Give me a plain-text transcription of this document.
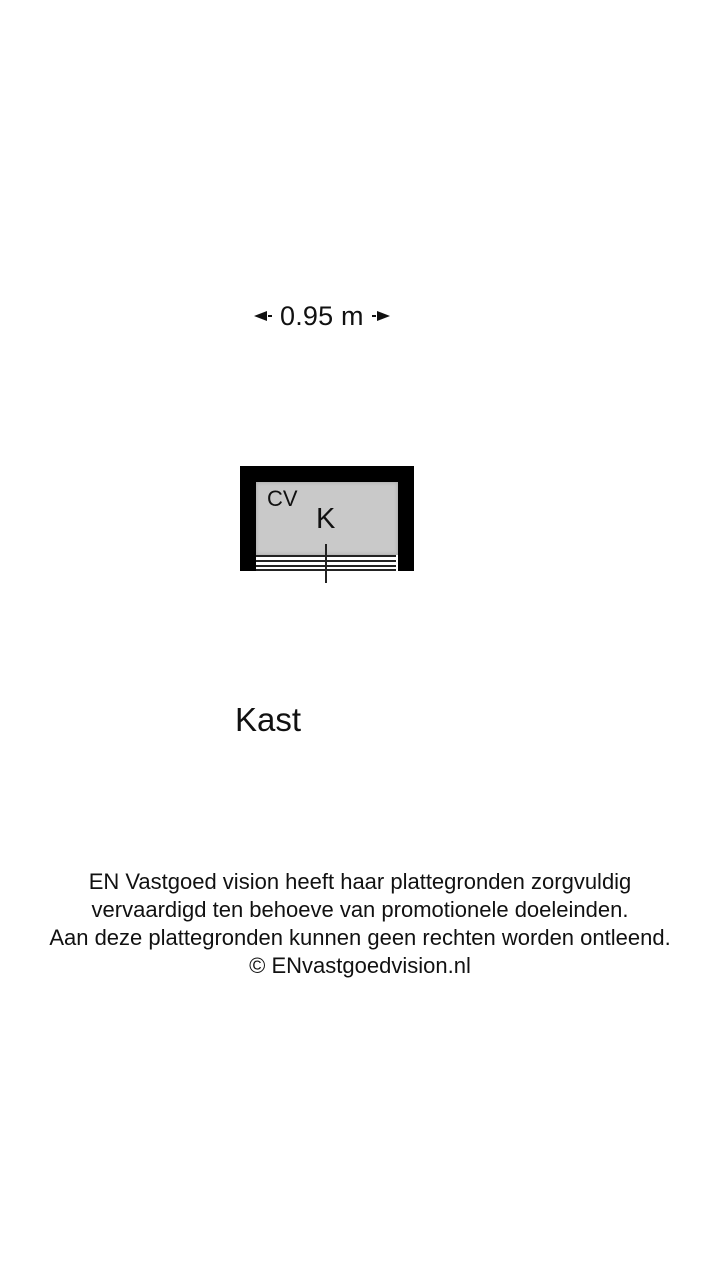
0.95 m
CV
K
Kast
EN Vastgoed vision heeft haar plattegronden zorgvuldig
vervaardigd ten behoeve van promotionele doeleinden.
Aan deze plattegronden kunnen geen rechten worden ontleend.
© ENvastgoedvision.nl
